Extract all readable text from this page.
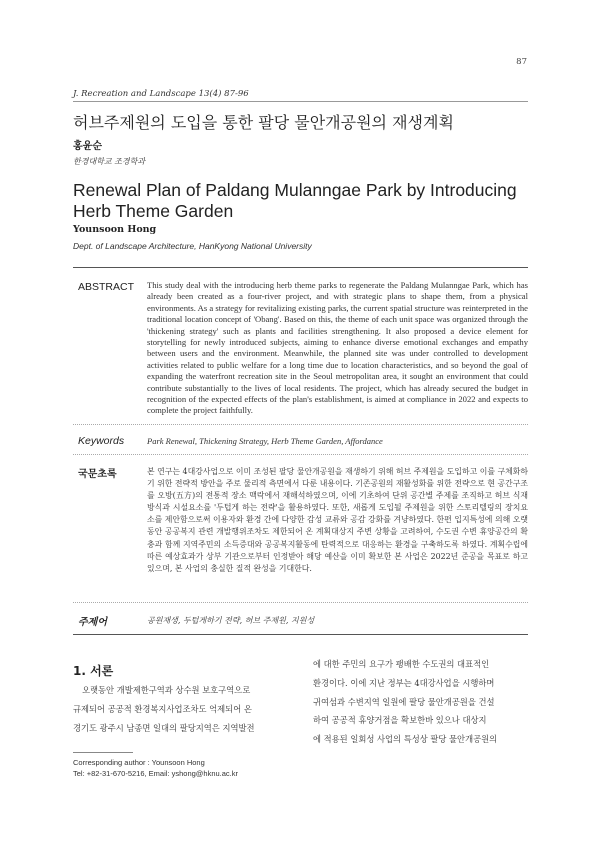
87
J. Recreation and Landscape 13(4) 87-96
허브주제원의 도입을 통한 팔당 물안개공원의 재생계획
홍윤순
한경대학교 조경학과
Renewal Plan of Paldang Mulanngae Park by Introducing Herb Theme Garden
Younsoon Hong
Dept. of Landscape Architecture, HanKyong National University
ABSTRACT This study deal with the introducing herb theme parks to regenerate the Paldang Mulanngae Park, which has already been created as a four-river project, and with strategic plans to shape them, from a physical environments. As a strategy for revitalizing existing parks, the current spatial structure was reinterpreted in the traditional location concept of 'Obang'. Based on this, the theme of each unit space was organized through the 'thickening strategy' such as plants and facilities strengthening. It also proposed a device element for storytelling for newly introduced subjects, aiming to enhance diverse emotional exchanges and empathy between users and the environment. Meanwhile, the planned site was under controlled to development activities related to public welfare for a long time due to location characteristics, and so beyond the goal of expanding the waterfront recreation site in the Seoul metropolitan area, it sought an environment that could contribute substantially to the lives of local residents. The project, which has already secured the budget in recognition of the expected effects of the plan's establishment, is aimed at compliance in 2022 and expects to complete the project faithfully.
Keywords	Park Renewal, Thickening Strategy, Herb Theme Garden, Affordance
국문초록	본 연구는 4대강사업으로 이미 조성된 팔당 물안개공원을 재생하기 위해 허브 주제원을 도입하고 이를 구체화하기 위한 전략적 방안을 주로 물리적 측면에서 다룬 내용이다. 기존공원의 재활성화를 위한 전략으로 현 공간구조를 오방(五方)의 전통적 장소 맥락에서 재해석하였으며, 이에 기초하여 단위 공간별 주제를 조직하고 허브 식재방식과 시설요소를 '두텁게 하는 전략'을 활용하였다. 또한, 새롭게 도입될 주제원을 위한 스토리텔링의 장치요소를 제안함으로써 이용자와 환경 간에 다양한 감성 교류와 공감 강화를 겨냥하였다. 한편 입지특성에 의해 오랫동안 공공복지 관련 개발행위조차도 제한되어 온 계획대상지 주변 상황을 고려하여, 수도권 수변 휴양공간의 확충과 함께 지역주민의 소득증대와 공공복지활동에 탄력적으로 대응하는 환경을 구축하도록 하였다. 계획수립에 따른 예상효과가 상부 기관으로부터 인정받아 해당 예산을 이미 확보한 본 사업은 2022년 준공을 목표로 하고 있으며, 본 사업의 충실한 질적 완성을 기대한다.
주제어	공원재생, 두텁게하기 전략, 허브 주제원, 지원성
1. 서론

오랫동안 개발제한구역과 상수원 보호구역으로

규제되어 공공적 환경복지사업조차도 억제되어 온

경기도 광주시 남종면 일대의 팔당지역은 지역발전

에 대한 주민의 요구가 팽배한 수도권의 대표적인

환경이다. 이에 지난 정부는 4대강사업을 시행하며

귀여섬과 수변지역 일원에 팔당 물안개공원을 건설

하여 공공적 휴양거점을 확보한바 있으나 대상지

에 적용된 일회성 사업의 특성상 팔당 물안개공원의

Corresponding author : Younsoon Hong
Tel: +82-31-670-5216, Email: yshong@hknu.ac.kr
